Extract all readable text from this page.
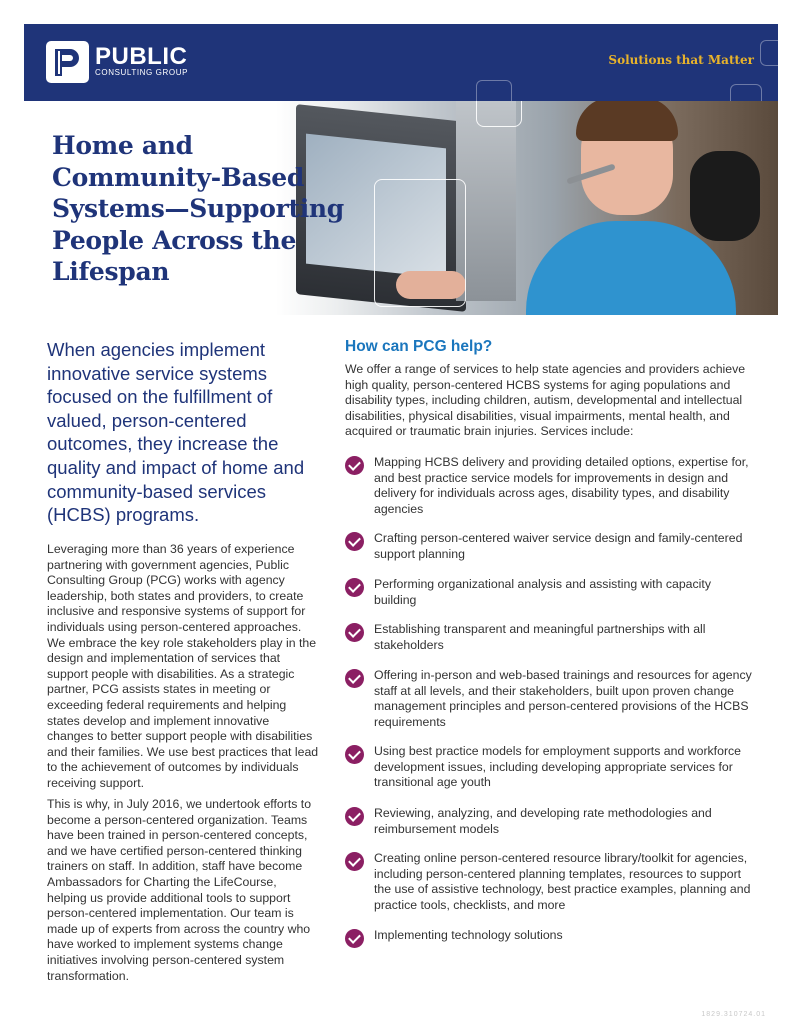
PUBLIC
CONSULTING GROUP
Solutions that Matter
Home and
Community-Based
Systems—Supporting
People Across the
Lifespan

When agencies implement innovative service systems focused on the fulfillment of valued, person-centered outcomes, they increase the quality and impact of home and community-based services (HCBS) programs.

Leveraging more than 36 years of experience partnering with government agencies, Public Consulting Group (PCG) works with agency leadership, both states and providers, to create inclusive and responsive systems of support for individuals using person-centered approaches. We embrace the key role stakeholders play in the design and implementation of services that support people with disabilities. As a strategic partner, PCG assists states in meeting or exceeding federal requirements and helping states develop and implement innovative changes to better support people with disabilities and their families. We use best practices that lead to the achievement of outcomes by individuals receiving support.

This is why, in July 2016, we undertook efforts to become a person-centered organization. Teams have been trained in person-centered concepts, and we have certified person-centered thinking trainers on staff. In addition, staff have become Ambassadors for Charting the LifeCourse, helping us provide additional tools to support person-centered implementation. Our team is made up of experts from across the country who have worked to implement systems change initiatives involving person-centered system transformation.

How can PCG help?

We offer a range of services to help state agencies and providers achieve high quality, person-centered HCBS systems for aging populations and disability types, including children, autism, developmental and intellectual disabilities, physical disabilities, visual impairments, mental health, and acquired or traumatic brain injuries. Services include:

Mapping HCBS delivery and providing detailed options, expertise for, and best practice service models for improvements in design and delivery for individuals across ages, disability types, and disability agencies
Crafting person-centered waiver service design and family-centered support planning
Performing organizational analysis and assisting with capacity building
Establishing transparent and meaningful partnerships with all stakeholders
Offering in-person and web-based trainings and resources for agency staff at all levels, and their stakeholders, built upon proven change management principles and person-centered provisions of the HCBS requirements
Using best practice models for employment supports and workforce development issues, including developing appropriate services for transitional age youth
Reviewing, analyzing, and developing rate methodologies and reimbursement models
Creating online person-centered resource library/toolkit for agencies, including person-centered planning templates, resources to support the use of assistive technology, best practice examples, planning and practice tools, checklists, and more
Implementing technology solutions
1829.310724.01
